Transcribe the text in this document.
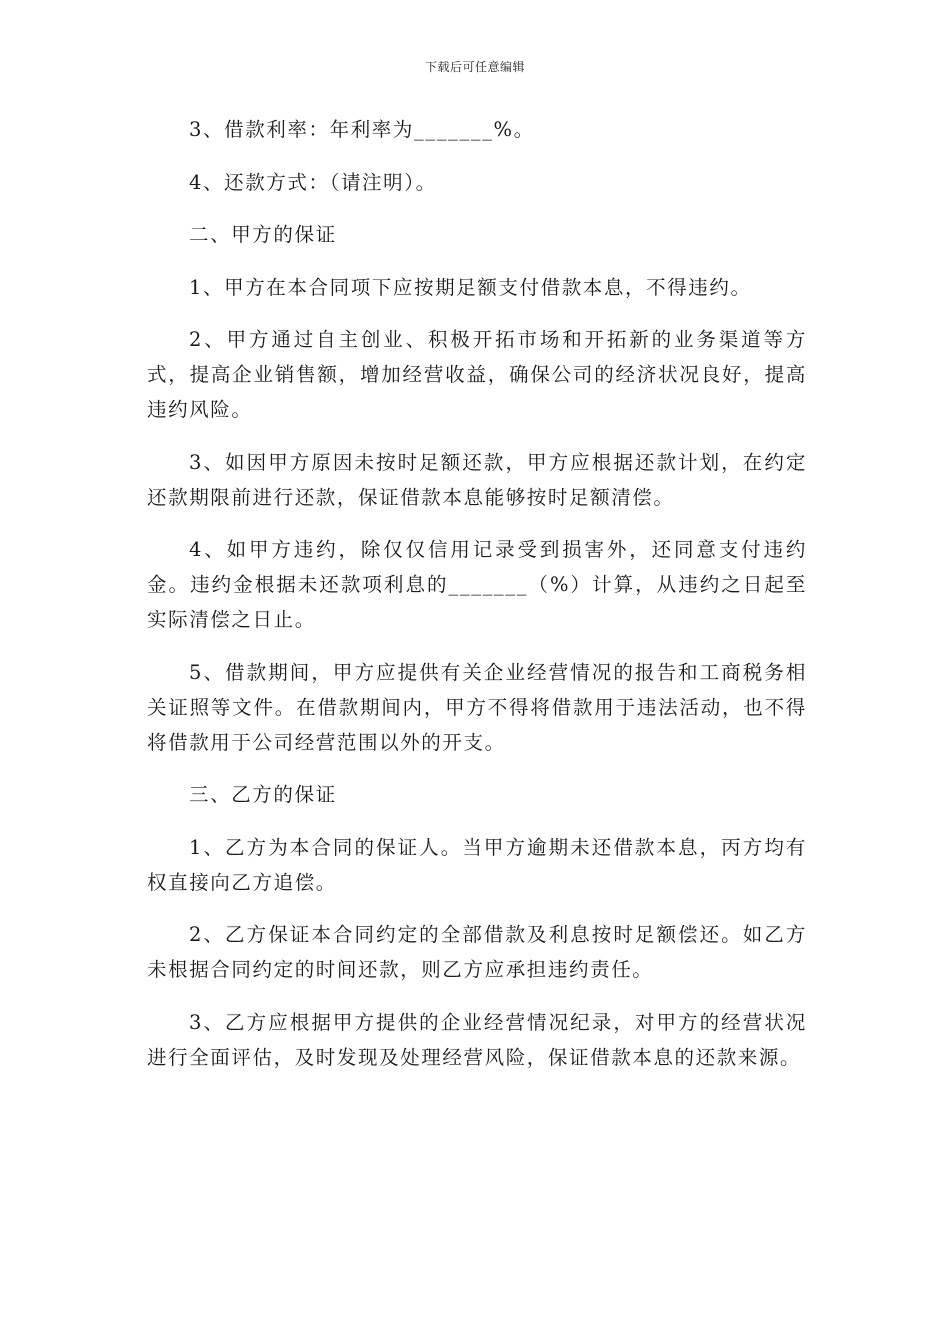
下载后可任意编辑

3、借款利率：年利率为_______%。

4、还款方式：（请注明）。

二、甲方的保证

1、甲方在本合同项下应按期足额支付借款本息，不得违约。

2、甲方通过自主创业、积极开拓市场和开拓新的业务渠道等方式，提高企业销售额，增加经营收益，确保公司的经济状况良好，提高违约风险。

3、如因甲方原因未按时足额还款，甲方应根据还款计划，在约定还款期限前进行还款，保证借款本息能够按时足额清偿。

4、如甲方违约，除仅仅信用记录受到损害外，还同意支付违约金。违约金根据未还款项利息的_______（%）计算，从违约之日起至实际清偿之日止。

5、借款期间，甲方应提供有关企业经营情况的报告和工商税务相关证照等文件。在借款期间内，甲方不得将借款用于违法活动，也不得将借款用于公司经营范围以外的开支。

三、乙方的保证

1、乙方为本合同的保证人。当甲方逾期未还借款本息，丙方均有权直接向乙方追偿。

2、乙方保证本合同约定的全部借款及利息按时足额偿还。如乙方未根据合同约定的时间还款，则乙方应承担违约责任。

3、乙方应根据甲方提供的企业经营情况纪录，对甲方的经营状况进行全面评估，及时发现及处理经营风险，保证借款本息的还款来源。
